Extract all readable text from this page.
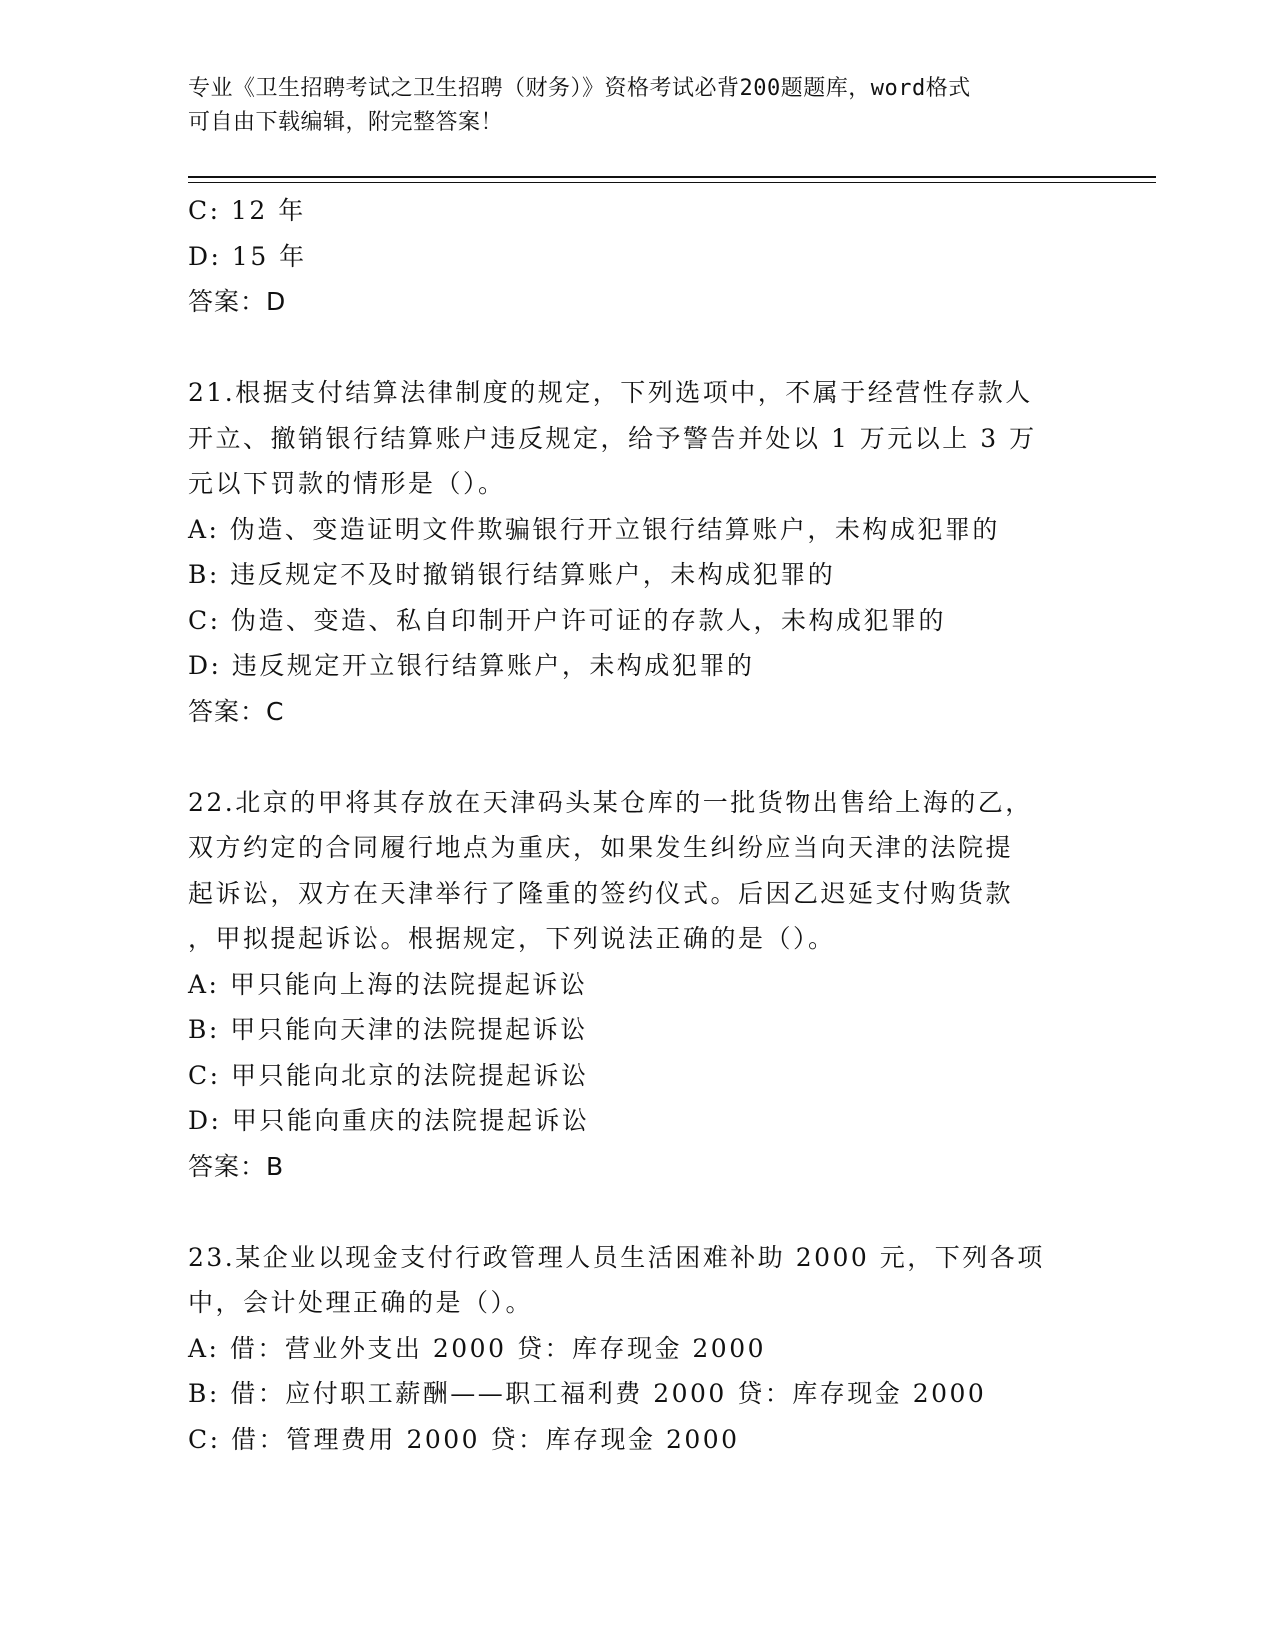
专业《卫生招聘考试之卫生招聘（财务）》资格考试必背200题题库，word格式

可自由下载编辑，附完整答案！

C: 12 年

D: 15 年

答案：D

21.根据支付结算法律制度的规定，下列选项中，不属于经营性存款人

开立、撤销银行结算账户违反规定，给予警告并处以 1 万元以上 3 万

元以下罚款的情形是（）。

A: 伪造、变造证明文件欺骗银行开立银行结算账户，未构成犯罪的

B: 违反规定不及时撤销银行结算账户，未构成犯罪的

C: 伪造、变造、私自印制开户许可证的存款人，未构成犯罪的

D: 违反规定开立银行结算账户，未构成犯罪的

答案：C

22.北京的甲将其存放在天津码头某仓库的一批货物出售给上海的乙，

双方约定的合同履行地点为重庆，如果发生纠纷应当向天津的法院提

起诉讼，双方在天津举行了隆重的签约仪式。后因乙迟延支付购货款

，甲拟提起诉讼。根据规定，下列说法正确的是（）。

A: 甲只能向上海的法院提起诉讼

B: 甲只能向天津的法院提起诉讼

C: 甲只能向北京的法院提起诉讼

D: 甲只能向重庆的法院提起诉讼

答案：B

23.某企业以现金支付行政管理人员生活困难补助 2000 元，下列各项

中，会计处理正确的是（）。

A: 借：营业外支出 2000 贷：库存现金 2000

B: 借：应付职工薪酬——职工福利费 2000 贷：库存现金 2000

C: 借：管理费用 2000 贷：库存现金 2000
